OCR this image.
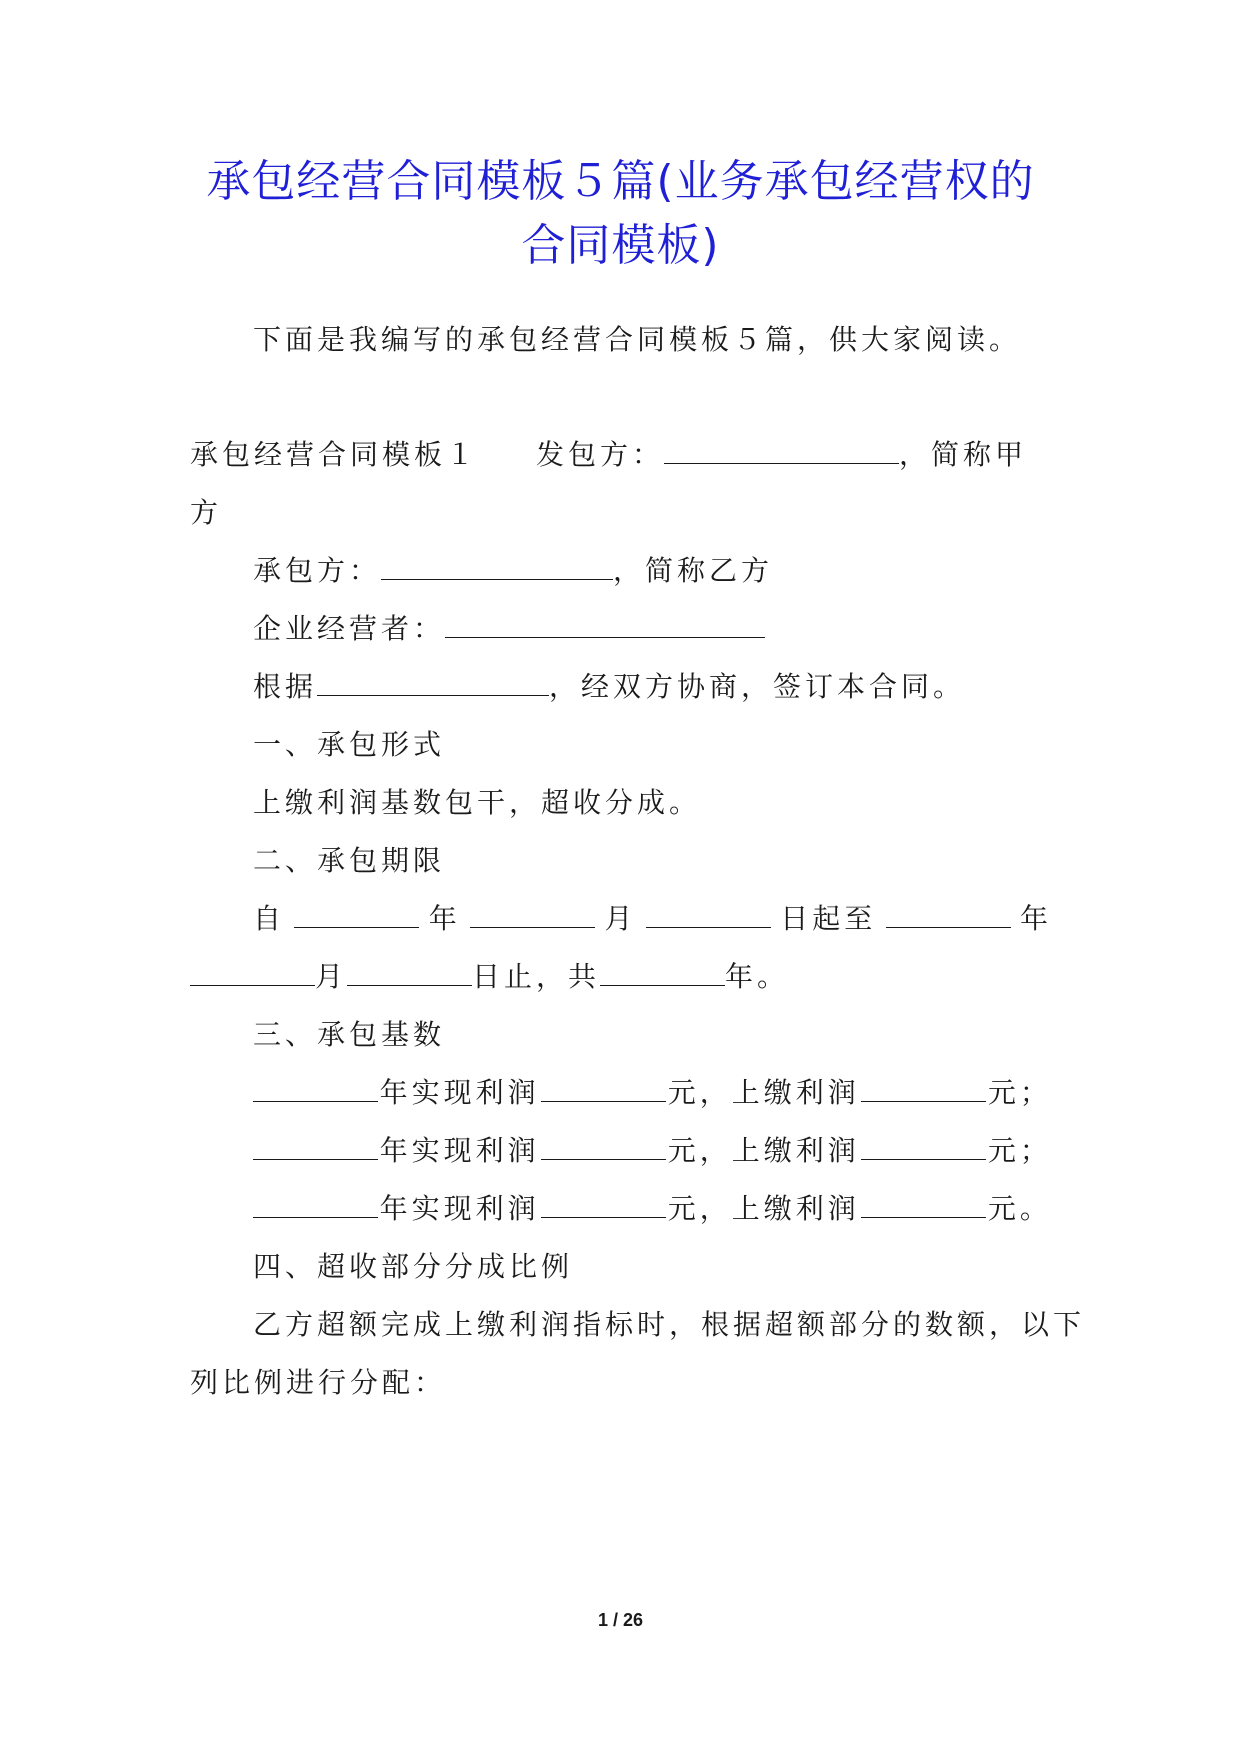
承包经营合同模板５篇(业务承包经营权的
合同模板)

下面是我编写的承包经营合同模板５篇，供大家阅读。

承包经营合同模板１ 发包方：	，简称甲

方

承包方：	，简称乙方

企业经营者：

根据	，经双方协商，签订本合同。

一、承包形式

上缴利润基数包干，超收分成。

二、承包期限

自	年	月	日起至	年

月	日止，共	年。

三、承包基数

年实现利润	元，上缴利润	元；

年实现利润	元，上缴利润	元；

年实现利润	元，上缴利润	元。

四、超收部分分成比例

乙方超额完成上缴利润指标时，根据超额部分的数额，以下

列比例进行分配：

1 / 26
